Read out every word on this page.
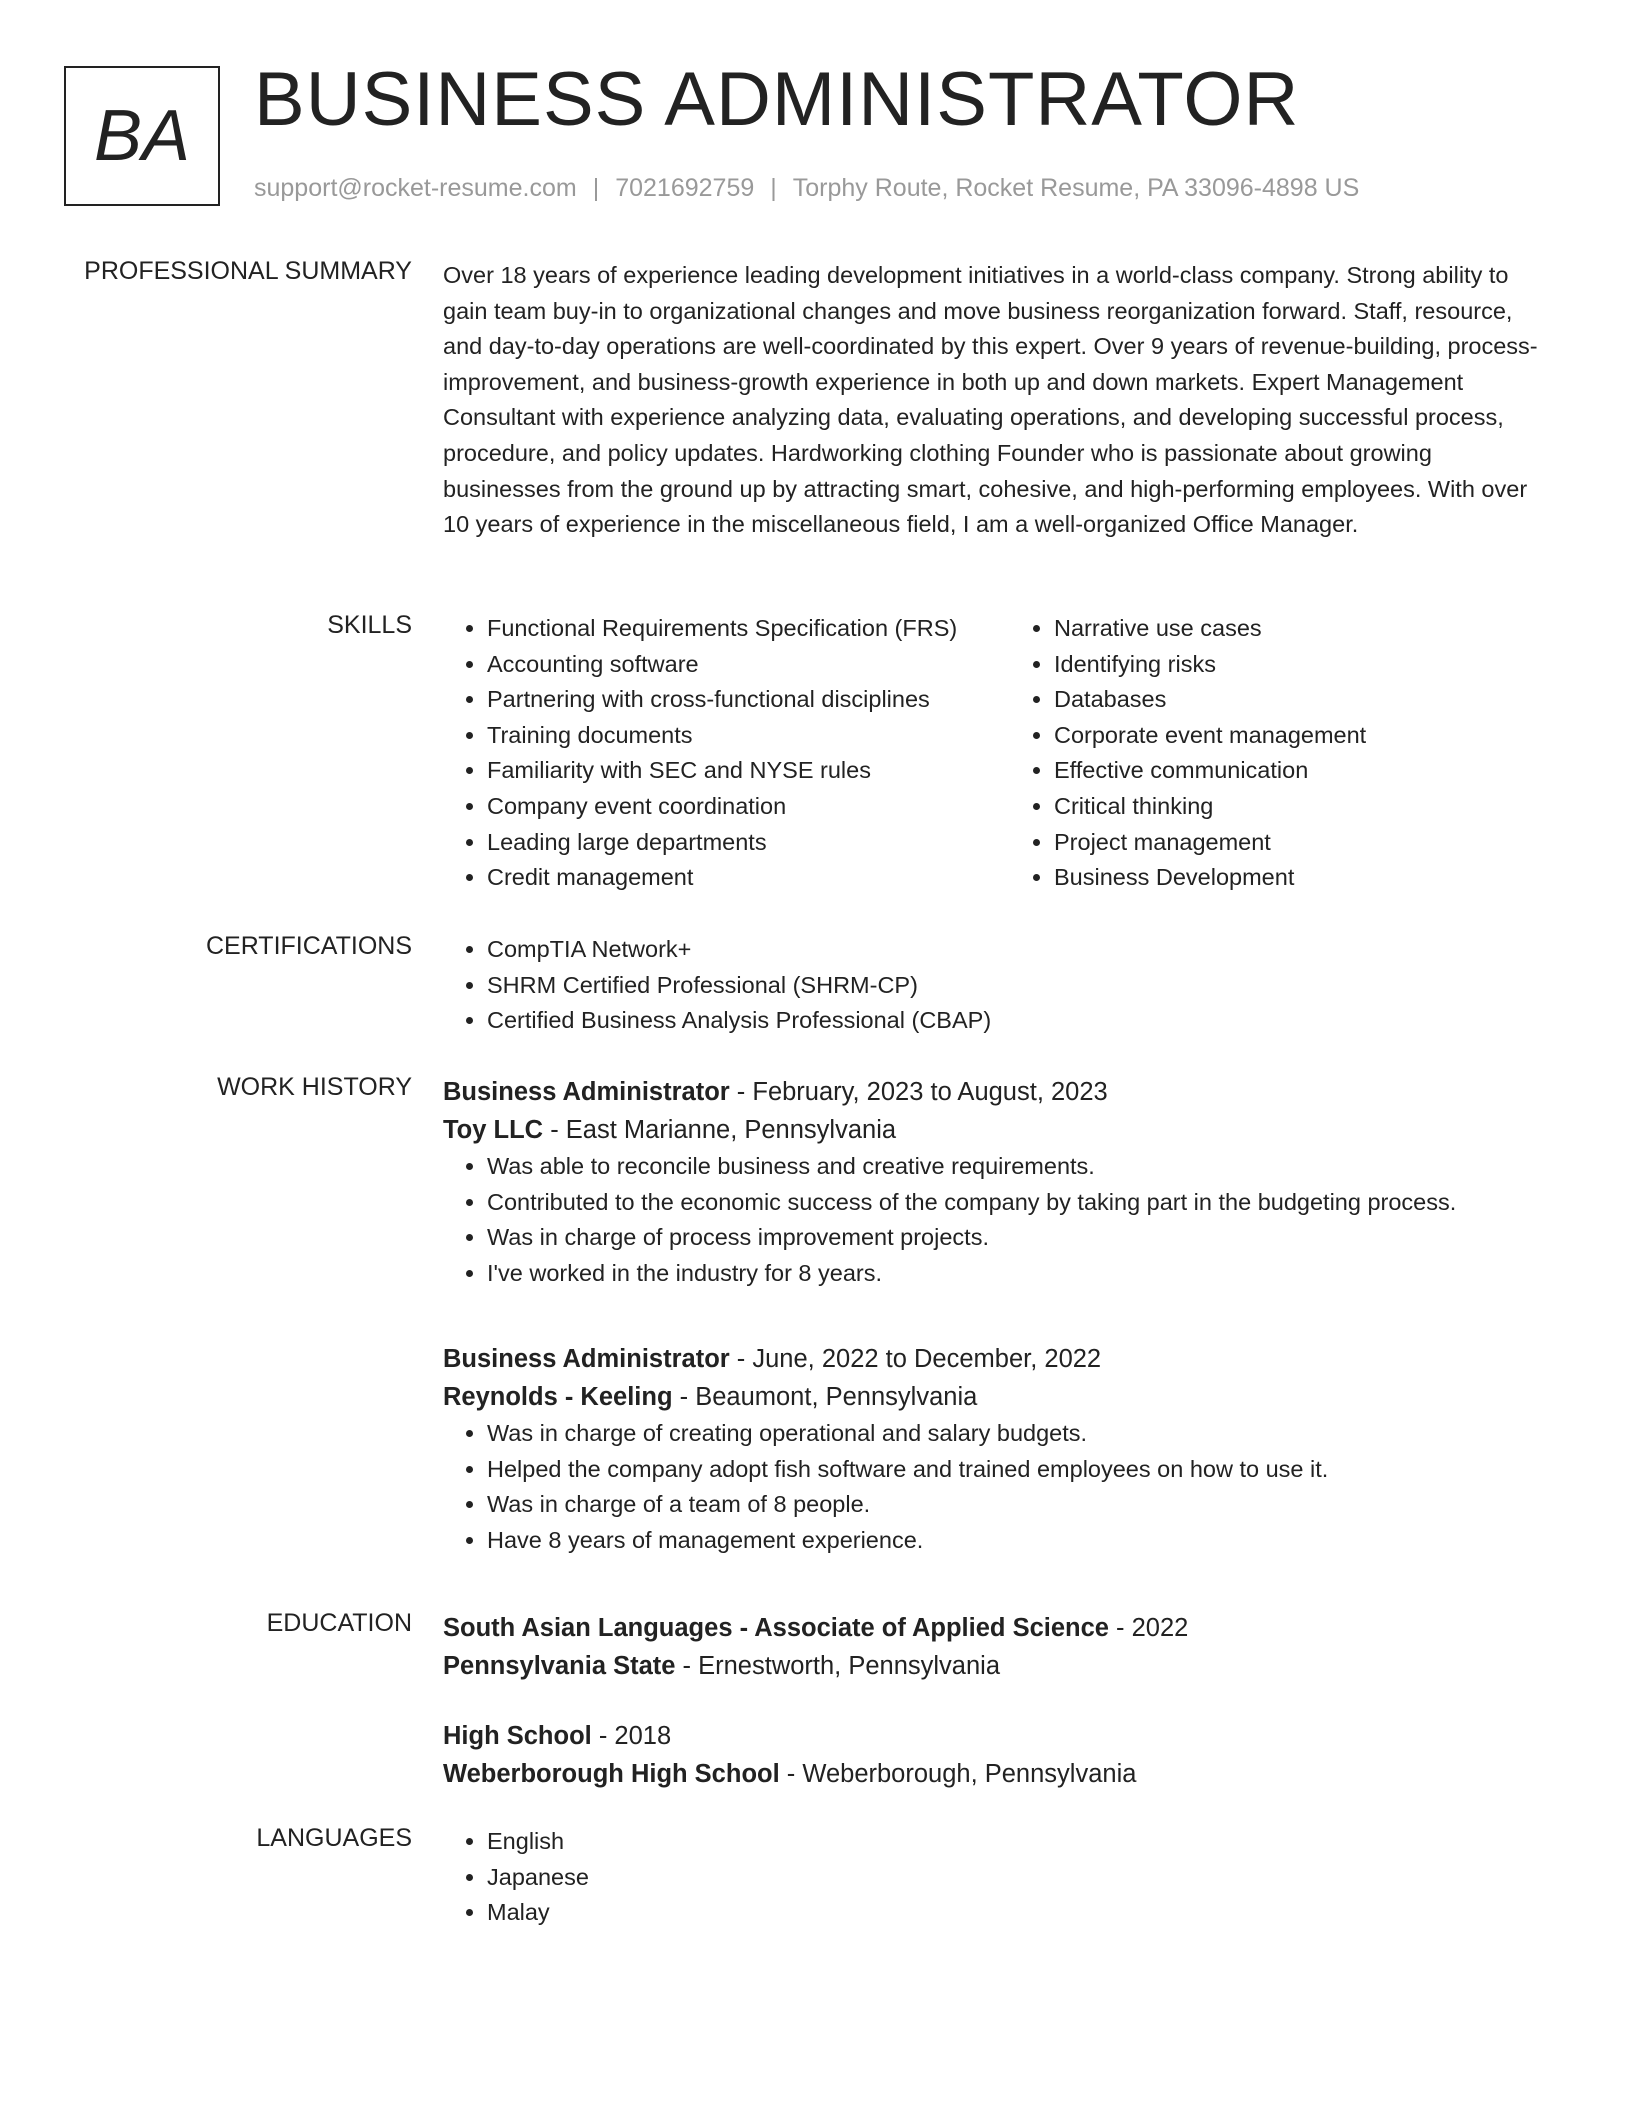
BA BUSINESS ADMINISTRATOR
support@rocket-resume.com | 7021692759 | Torphy Route, Rocket Resume, PA 33096-4898 US
PROFESSIONAL SUMMARY Over 18 years of experience leading development initiatives in a world-class company. Strong ability to gain team buy-in to organizational changes and move business reorganization forward. Staff, resource, and day-to-day operations are well-coordinated by this expert. Over 9 years of revenue-building, process-improvement, and business-growth experience in both up and down markets. Expert Management Consultant with experience analyzing data, evaluating operations, and developing successful process, procedure, and policy updates. Hardworking clothing Founder who is passionate about growing businesses from the ground up by attracting smart, cohesive, and high-performing employees. With over 10 years of experience in the miscellaneous field, I am a well-organized Office Manager.
SKILLS	• Functional Requirements Specification (FRS)
• Accounting software
• Partnering with cross-functional disciplines
• Training documents
• Familiarity with SEC and NYSE rules
• Company event coordination
• Leading large departments
• Credit management
• Narrative use cases
• Identifying risks
• Databases
• Corporate event management
• Effective communication
• Critical thinking
• Project management
• Business Development
CERTIFICATIONS	• CompTIA Network+
• SHRM Certified Professional (SHRM-CP)
• Certified Business Analysis Professional (CBAP)
WORK HISTORY Business Administrator - February, 2023 to August, 2023
Toy LLC - East Marianne, Pennsylvania
• Was able to reconcile business and creative requirements.
• Contributed to the economic success of the company by taking part in the budgeting process.
• Was in charge of process improvement projects.
• I've worked in the industry for 8 years.
Business Administrator - June, 2022 to December, 2022
Reynolds - Keeling - Beaumont, Pennsylvania
• Was in charge of creating operational and salary budgets.
• Helped the company adopt fish software and trained employees on how to use it.
• Was in charge of a team of 8 people.
• Have 8 years of management experience.
EDUCATION South Asian Languages - Associate of Applied Science - 2022
Pennsylvania State - Ernestworth, Pennsylvania
High School - 2018
Weberborough High School - Weberborough, Pennsylvania
LANGUAGES	• English
• Japanese
• Malay
